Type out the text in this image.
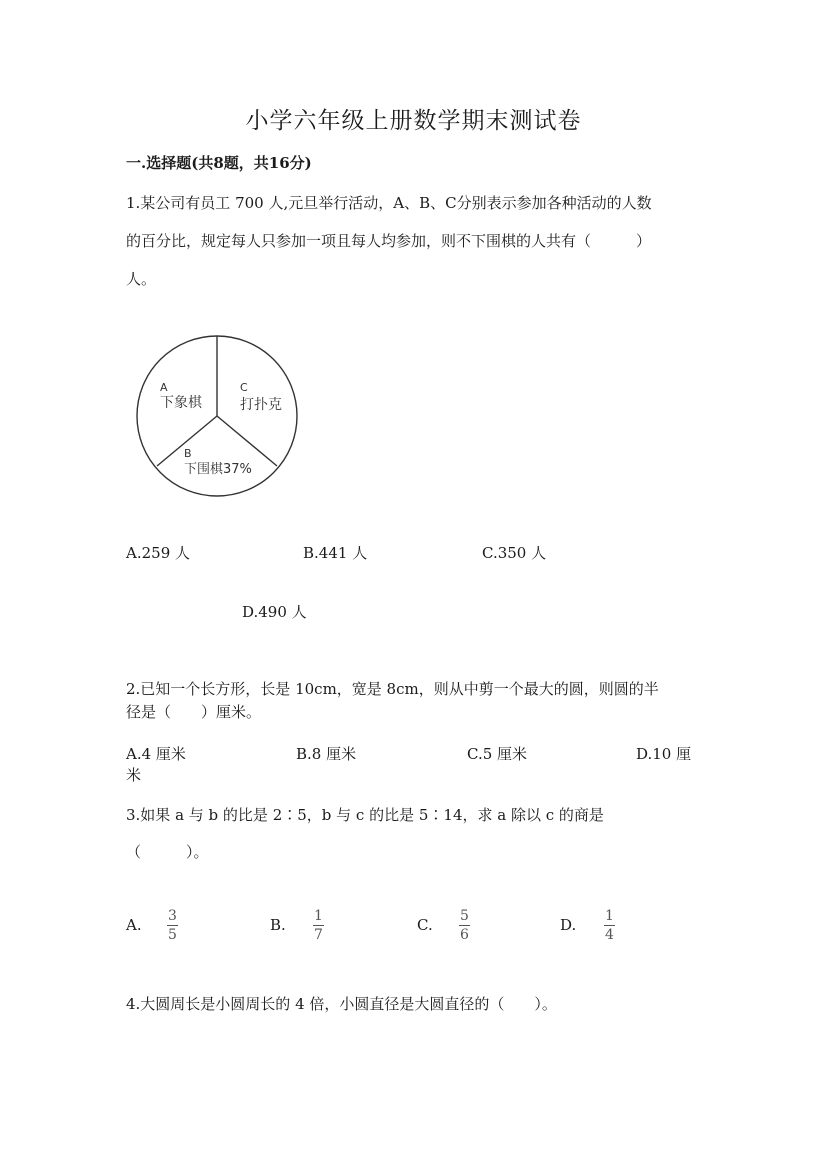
小学六年级上册数学期末测试卷
一.选择题(共8题，共16分)
1.某公司有员工 700 人,元旦举行活动，A、B、C分别表示参加各种活动的人数
的百分比，规定每人只参加一项且每人均参加，则不下围棋的人共有（　　　）
人。
A
下象棋
C
打扑克
B
下围棋37%
A.259 人	B.441 人	C.350 人
D.490 人
2.已知一个长方形，长是 10cm，宽是 8cm，则从中剪一个最大的圆，则圆的半
径是（　　）厘米。
A.4 厘米	B.8 厘米	C.5 厘米	D.10 厘
米
3.如果 a 与 b 的比是 2∶5，b 与 c 的比是 5∶14，求 a 除以 c 的商是
（　　　）。
A. 3
5
B. 1
7
C. 5
6
D. 1
4
4.大圆周长是小圆周长的 4 倍，小圆直径是大圆直径的（　　）。
